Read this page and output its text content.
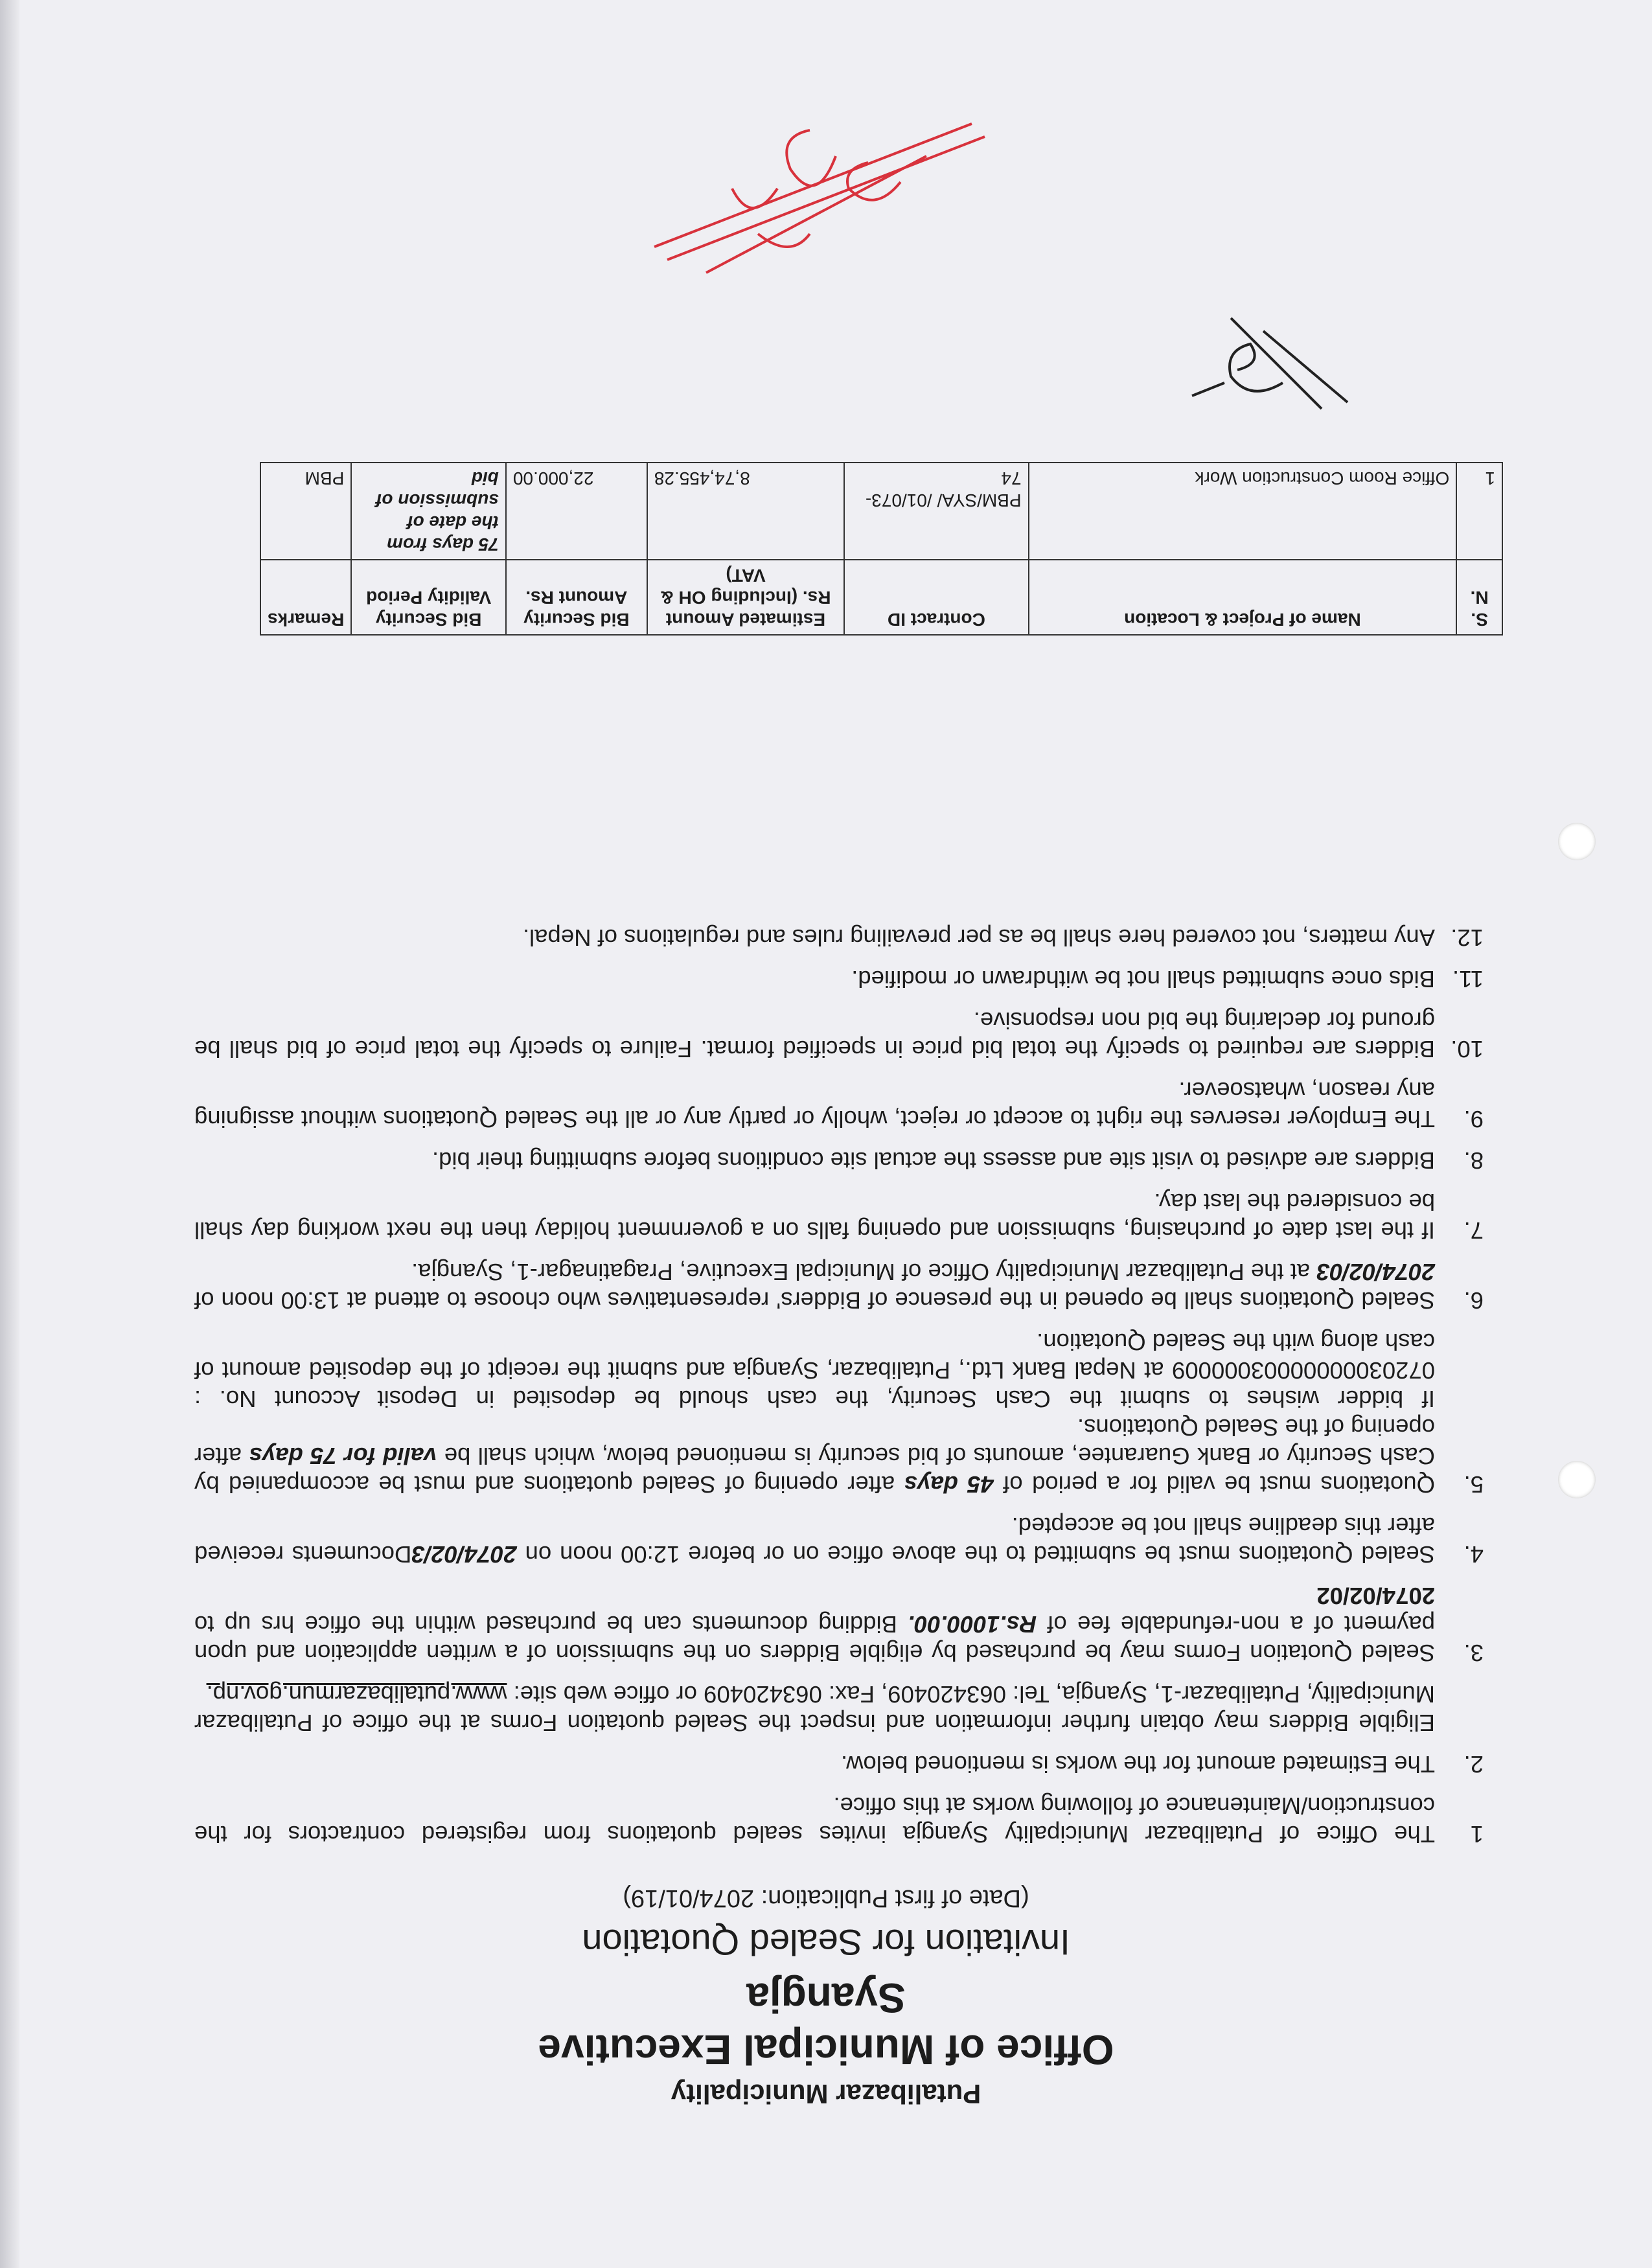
Putalibazar Municipality
Office of Municipal Executive
Syangja
Invitation for Sealed Quotation
(Date of first Publication: 2074/01/19)
1

The Office of Putalibazar Municipality Syangja invites sealed quotations from registered contractors for the construction/Maintenance of following works at this office.

2.

The Estimated amount for the works is mentioned below.

Eligible Bidders may obtain further information and inspect the Sealed quotation Forms at the office of Putalibazar Municipality, Putalibazar-1, Syangja, Tel: 063420409, Fax: 063420409 or office web site: www.putalibazarmun.gov.np.

3.

Sealed Quotation Forms may be purchased by eligible Bidders on the submission of a written application and upon payment of a non-refundable fee of Rs.1000.00. Bidding documents can be purchased within the office hrs up to 2074/02/02

4.

Sealed Quotations must be submitted to the above office on or before 12:00 noon on 2074/02/3Documents received after this deadline shall not be accepted.

5.

Quotations must be valid for a period of 45 days after opening of Sealed quotations and must be accompanied by Cash Security or Bank Guarantee, amounts of bid security is mentioned below, which shall be valid for 75 days after opening of the Sealed Quotations.

If bidder wishes to submit the Cash Security, the cash should be deposited in Deposit Account No. : 07203000000003000009 at Nepal Bank Ltd., Putalibazar, Syangja and submit the receipt of the deposited amount of cash along with the Sealed Quotation.

6.

Sealed Quotations shall be opened in the presence of Bidders' representatives who choose to attend at 13:00 noon of 2074/02/03 at the Putalibazar Municipality Office of Municipal Executive, Pragatinagar-1, Syangja.

7.

If the last date of purchasing, submission and opening falls on a government holiday then the next working day shall be considered the last day.

8.

Bidders are advised to visit site and assess the actual site conditions before submitting their bid.

9.

The Employer reserves the right to accept or reject, wholly or partly any or all the Sealed Quotations without assigning any reason, whatsoever.

10.

Bidders are required to specify the total bid price in specified format. Failure to specify the total price of bid shall be ground for declaring the bid non responsive.

11.

Bids once submitted shall not be withdrawn or modified.

12.

Any matters, not covered here shall be as per prevailing rules and regulations of Nepal.

S. N.	Name of Project & Location	Contract ID	Estimated Amount Rs. (Including OH & VAT)	Bid Security Amount Rs.	Bid Security Validity Period	Remarks
1	Office Room Construction Work	PBM/SYA/ /01/073-74	8,74,455.28	22,000.00	75 days from the date of submission of bid	PBM
